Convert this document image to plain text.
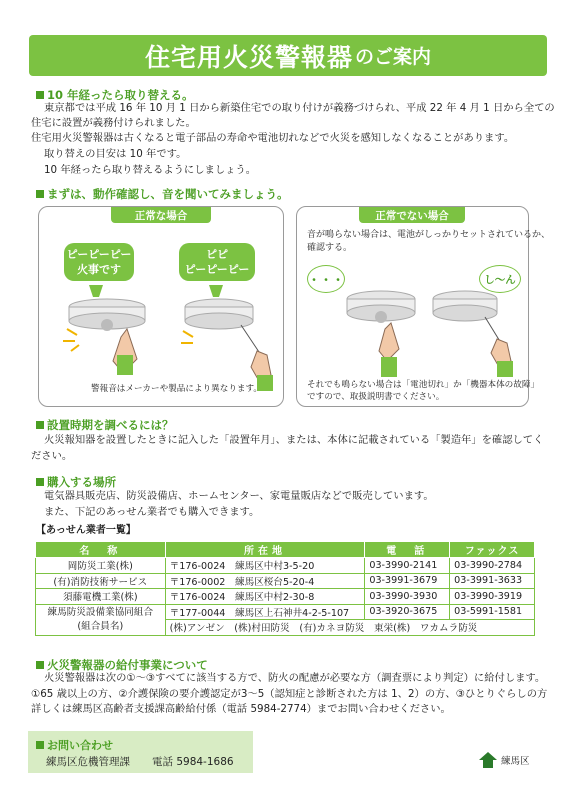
住宅用火災警報器 のご案内
10 年経ったら取り替える。
東京都では平成 16 年 10 月 1 日から新築住宅での取り付けが義務づけられ、平成 22 年 4 月 1 日から全ての
住宅に設置が義務付けられました。
住宅用火災警報器は古くなると電子部品の寿命や電池切れなどで火災を感知しなくなることがあります。
取り替えの目安は 10 年です。
10 年経ったら取り替えるようにしましょう。
まずは、動作確認し、音を聞いてみましょう。
正常な場合
ピーピーピー
火事です
ピピ
ピーピーピー
警報音はメーカーや製品により異なります。
正常でない場合
音が鳴らない場合は、電池がしっかりセットされているか、
確認する。
・・・	し〜ん
それでも鳴らない場合は「電池切れ」か「機器本体の故障」
ですので、取扱説明書でください。
設置時期を調べるには？
火災報知器を設置したときに記入した「設置年月」、または、本体に記載されている「製造年」を確認してく
ださい。
購入する場所
電気器具販売店、防災設備店、ホームセンター、家電量販店などで販売しています。
また、下記のあっせん業者でも購入できます。
【あっせん業者一覧】
名　称	所在地	電　話	ファックス
岡防災工業(株)	〒176-0024　練馬区中村3-5-20	03-3990-2141	03-3990-2784
(有)消防技術サービス	〒176-0002　練馬区桜台5-20-4	03-3991-3679	03-3991-3633
須藤電機工業(株)	〒176-0024　練馬区中村2-30-8	03-3990-3930	03-3990-3919

練馬防災設備業協同組合
(組合員名)	〒177-0044　練馬区上石神井4-2-5-107	03-3920-3675	03-5991-1581
	(株)アンゼン　(株)村田防災　(有)カネヨ防災　東栄(株)　ワカムラ防災		
火災警報器の給付事業について
火災警報器は次の①〜③すべてに該当する方で、防火の配慮が必要な方（調査票により判定）に給付します。
①65 歳以上の方、②介護保険の要介護認定が3〜5（認知症と診断された方は 1、2）の方、③ひとりぐらしの方
詳しくは練馬区高齢者支援課高齢給付係（電話 5984-2774）までお問い合わせください。
お問い合わせ
練馬区危機管理課 電話 5984-1686	練馬区
